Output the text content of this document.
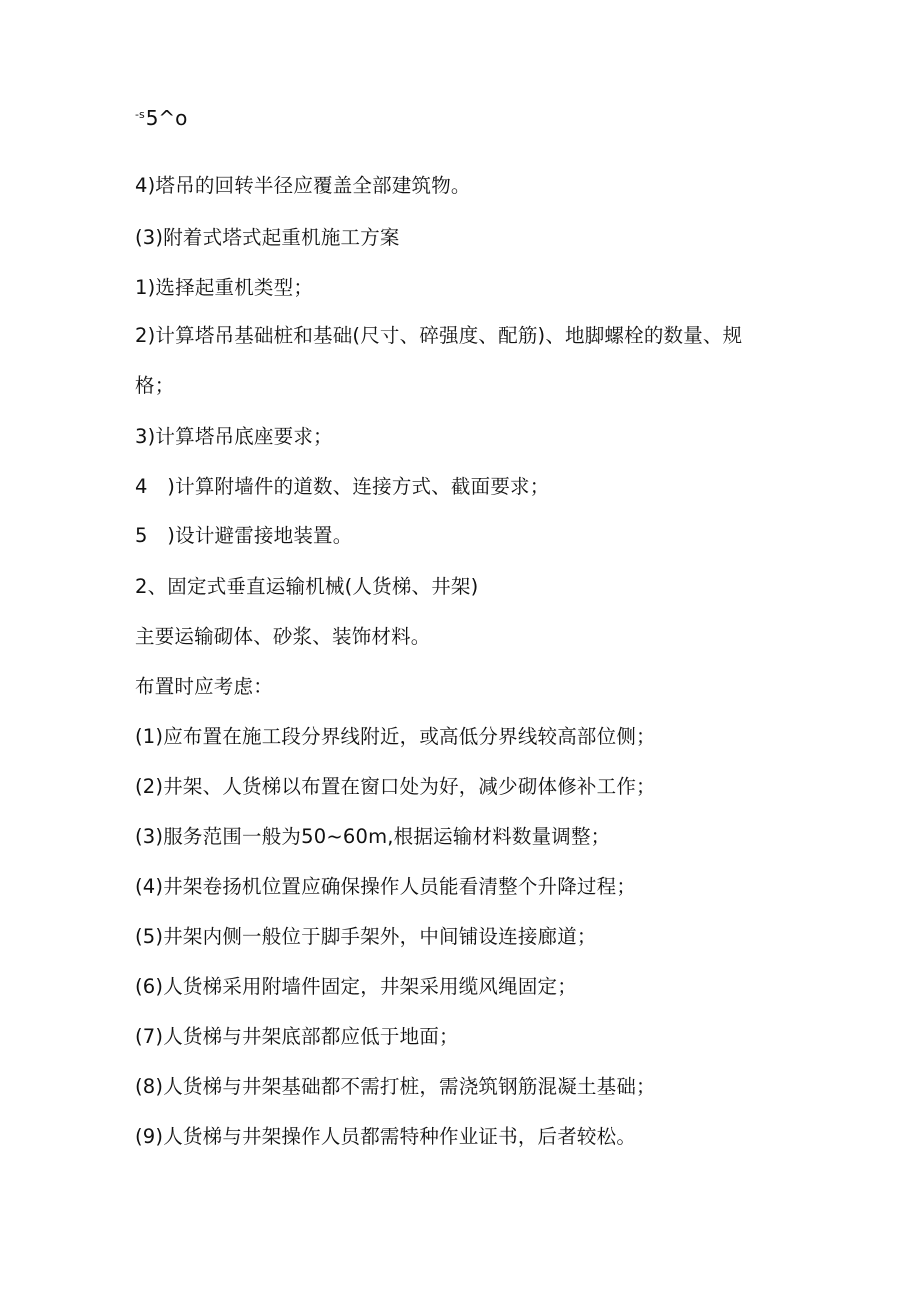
$^{-s}$5^o
4)塔吊的回转半径应覆盖全部建筑物。
(3)附着式塔式起重机施工方案
1)选择起重机类型；
2)计算塔吊基础桩和基础(尺寸、碎强度、配筋)、地脚螺栓的数量、规
格；
3)计算塔吊底座要求；
4　)计算附墙件的道数、连接方式、截面要求；
5　)设计避雷接地装置。
2、固定式垂直运输机械(人货梯、井架)
主要运输砌体、砂浆、装饰材料。
布置时应考虑：
(1)应布置在施工段分界线附近，或高低分界线较高部位侧；
(2)井架、人货梯以布置在窗口处为好，减少砌体修补工作；
(3)服务范围一般为50~60m,根据运输材料数量调整；
(4)井架卷扬机位置应确保操作人员能看清整个升降过程；
(5)井架内侧一般位于脚手架外，中间铺设连接廊道；
(6)人货梯采用附墙件固定，井架采用缆风绳固定；
(7)人货梯与井架底部都应低于地面；
(8)人货梯与井架基础都不需打桩，需浇筑钢筋混凝土基础；
(9)人货梯与井架操作人员都需特种作业证书，后者较松。
